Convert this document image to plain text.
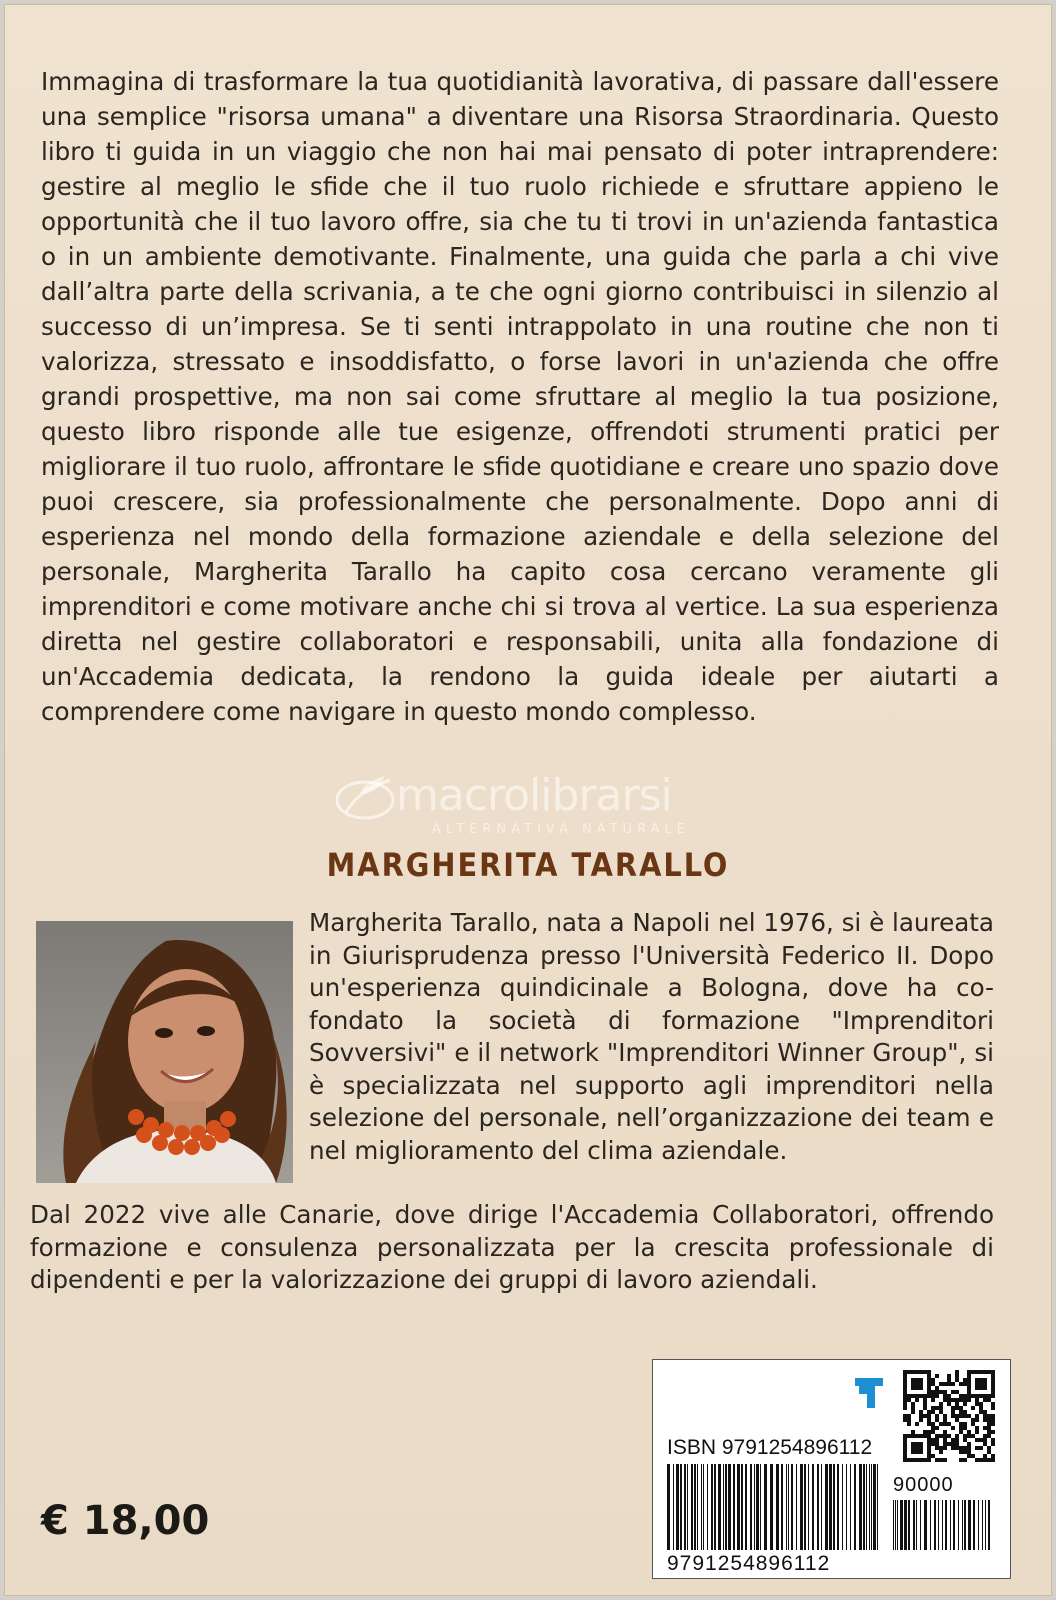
Immagina di trasformare la tua quotidianità lavorativa, di passare dall'essere una semplice "risorsa umana" a diventare una Risorsa Straordinaria. Questo libro ti guida in un viaggio che non hai mai pensato di poter intraprendere: gestire al meglio le sfide che il tuo ruolo richiede e sfruttare appieno le opportunità che il tuo lavoro offre, sia che tu ti trovi in un'azienda fantastica o in un ambiente demotivante. Finalmente, una guida che parla a chi vive dall’altra parte della scrivania, a te che ogni giorno contribuisci in silenzio al successo di un’impresa. Se ti senti intrappolato in una routine che non ti valorizza, stressato e insoddisfatto, o forse lavori in un'azienda che offre grandi prospettive, ma non sai come sfruttare al meglio la tua posizione, questo libro risponde alle tue esigenze, offrendoti strumenti pratici per migliorare il tuo ruolo, affrontare le sfide quotidiane e creare uno spazio dove puoi crescere, sia professionalmente che personalmente. Dopo anni di esperienza nel mondo della formazione aziendale e della selezione del personale, Margherita Tarallo ha capito cosa cercano veramente gli imprenditori e come motivare anche chi si trova al vertice. La sua esperienza diretta nel gestire collaboratori e responsabili, unita alla fondazione di un'Accademia dedicata, la rendono la guida ideale per aiutarti a comprendere come navigare in questo mondo complesso.

macrolibrarsi
ALTERNATIVA NATURALE
MARGHERITA TARALLO

Margherita Tarallo, nata a Napoli nel 1976, si è laureata in Giurisprudenza presso l'Università Federico II. Dopo un'esperienza quindicinale a Bologna, dove ha co-fondato la società di formazione "Imprenditori Sovversivi" e il network "Imprenditori Winner Group", si è specializzata nel supporto agli imprenditori nella selezione del personale, nell’organizzazione dei team e nel miglioramento del clima aziendale.

Dal 2022 vive alle Canarie, dove dirige l'Accademia Collaboratori, offrendo formazione e consulenza personalizzata per la crescita professionale di dipendenti e per la valorizzazione dei gruppi di lavoro aziendali.

€ 18,00
ISBN 9791254896112
90000
9791254896112
